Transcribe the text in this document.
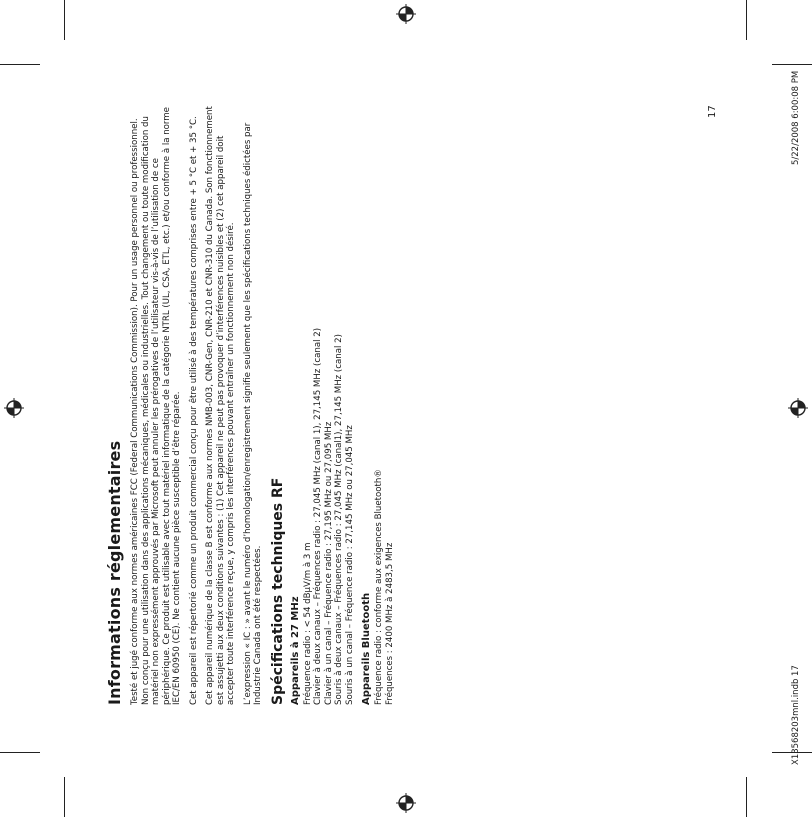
Informations réglementaires Testé et jugé conforme aux normes américaines FCC (Federal Communications Commission). Pour un usage personnel ou professionnel. Non conçu pour une utilisation dans des applications mécaniques, médicales ou industrielles. Tout changement ou toute modification du matériel non expressément approuvés par Microsoft peut annuler les prérogatives de l’utilisateur vis-à-vis de l’utilisation de ce périphérique. Ce produit est utilisable avec tout matériel informatique de la catégorie NTRL (UL, CSA, ETL, etc.) et/ou conforme à la norme IEC/EN 60950 (CE). Ne contient aucune pièce susceptible d’être réparée. Cet appareil est répertorié comme un produit commercial conçu pour être utilisé à des températures comprises entre + 5 °C et + 35 °C. Cet appareil numérique de la classe B est conforme aux normes NMB-003, CNR-Gen, CNR-210 et CNR-310 du Canada. Son fonctionnement est assujetti aux deux conditions suivantes : (1) Cet appareil ne peut pas provoquer d’interférences nuisibles et (2) cet appareil doit accepter toute interférence reçue, y compris les interférences pouvant entraîner un fonctionnement non désiré. L’expression « IC : » avant le numéro d’homologation/enregistrement signifie seulement que les spécifications techniques édictées par Industrie Canada ont été respectées. Spécifications techniques RF Appareils à 27 MHz Fréquence radio : < 54 dBμV/m à 3 m Clavier à deux canaux – Fréquences radio : 27,045 MHz (canal 1), 27,145 MHz (canal 2) Clavier à un canal – Fréquence radio : 27,195 MHz ou 27,095 MHz Souris à deux canaux – Fréquences radio : 27,045 MHz (canal1), 27,145 MHz (canal 2) Souris à un canal – Fréquence radio : 27,145 MHz ou 27,045 MHz Appareils Bluetooth Fréquence radio : conforme aux exigences Bluetooth® Fréquences : 2400 MHz à 2483,5 MHz
17
X13568203mnl.indb 17
5/22/2008 6:00:08 PM
